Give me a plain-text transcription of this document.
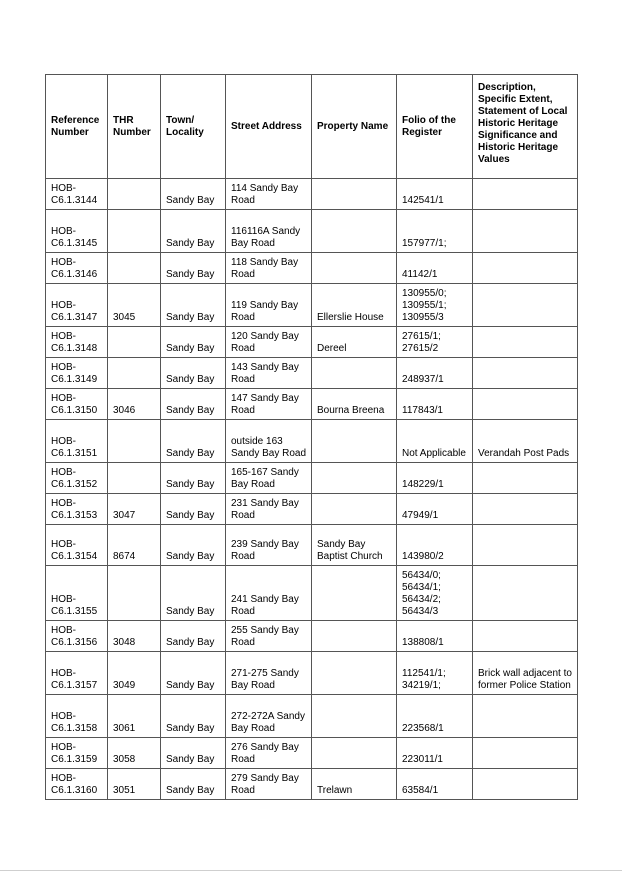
Reference Number	THR Number	Town/ Locality	Street Address	Property Name	Folio of the Register	Description, Specific Extent, Statement of Local Historic Heritage Significance and Historic Heritage Values
HOB-C6.1.3144		Sandy Bay	114 Sandy Bay Road		142541/1	
HOB-C6.1.3145		Sandy Bay	116116A Sandy Bay Road		157977/1;	
HOB-C6.1.3146		Sandy Bay	118 Sandy Bay Road		41142/1	
HOB-C6.1.3147	3045	Sandy Bay	119 Sandy Bay Road	Ellerslie House	130955/0; 130955/1; 130955/3	
HOB-C6.1.3148		Sandy Bay	120 Sandy Bay Road	Dereel	27615/1; 27615/2	
HOB-C6.1.3149		Sandy Bay	143 Sandy Bay Road		248937/1	
HOB-C6.1.3150	3046	Sandy Bay	147 Sandy Bay Road	Bourna Breena	117843/1	
HOB-C6.1.3151		Sandy Bay	outside 163 Sandy Bay Road		Not Applicable	Verandah Post Pads
HOB-C6.1.3152		Sandy Bay	165-167 Sandy Bay Road		148229/1	
HOB-C6.1.3153	3047	Sandy Bay	231 Sandy Bay Road		47949/1	
HOB-C6.1.3154	8674	Sandy Bay	239 Sandy Bay Road	Sandy Bay Baptist Church	143980/2	
HOB-C6.1.3155		Sandy Bay	241 Sandy Bay Road		56434/0; 56434/1; 56434/2; 56434/3	
HOB-C6.1.3156	3048	Sandy Bay	255 Sandy Bay Road		138808/1	
HOB-C6.1.3157	3049	Sandy Bay	271-275 Sandy Bay Road		112541/1; 34219/1;	Brick wall adjacent to former Police Station
HOB-C6.1.3158	3061	Sandy Bay	272-272A Sandy Bay Road		223568/1	
HOB-C6.1.3159	3058	Sandy Bay	276 Sandy Bay Road		223011/1	
HOB-C6.1.3160	3051	Sandy Bay	279 Sandy Bay Road	Trelawn	63584/1	
